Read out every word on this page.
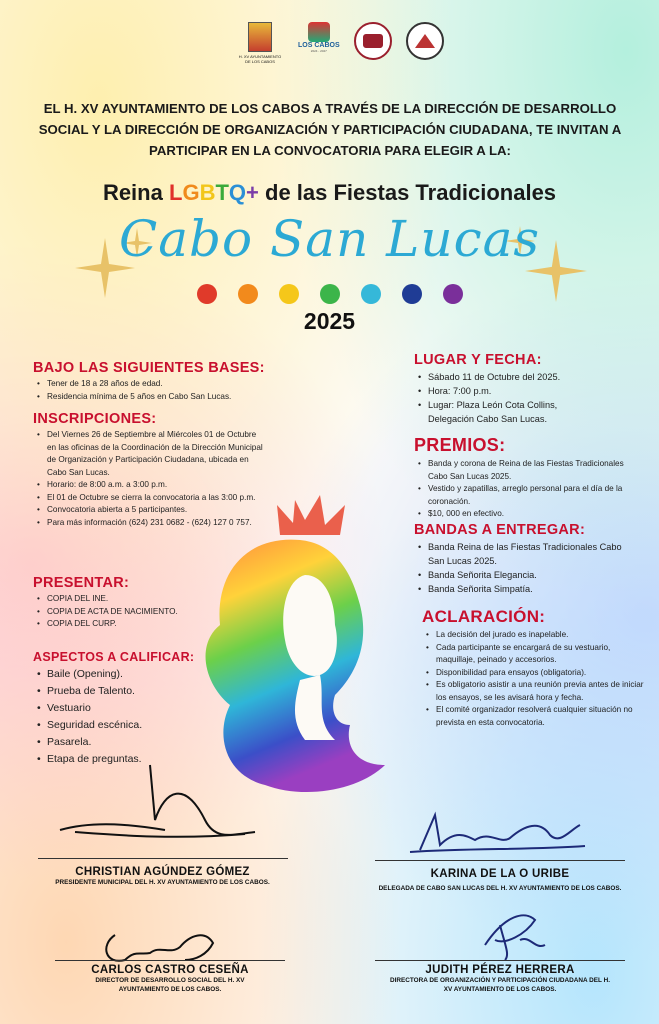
H. XV AYUNTAMIENTO DE LOS CABOS
LOS CABOS
2024 - 2027
EL H. XV AYUNTAMIENTO DE LOS CABOS A TRAVÉS DE LA DIRECCIÓN DE DESARROLLO SOCIAL Y LA DIRECCIÓN DE ORGANIZACIÓN Y PARTICIPACIÓN CIUDADANA, TE INVITAN A PARTICIPAR EN LA CONVOCATORIA PARA ELEGIR A LA:
Reina LGBTQ+ de las Fiestas Tradicionales
Cabo San Lucas
2025

BAJO LAS SIGUIENTES BASES:

• Tener de 18 a 28 años de edad.
• Residencia mínima de 5 años en Cabo San Lucas.

INSCRIPCIONES:

• Del Viernes 26 de Septiembre al Miércoles 01 de Octubre en las oficinas de la Coordinación de la Dirección Municipal de Organización y Participación Ciudadana, ubicada en Cabo San Lucas.
• Horario: de 8:00 a.m. a 3:00 p.m.
• El 01 de Octubre se cierra la convocatoria a las 3:00 p.m.
• Convocatoria abierta a 5 participantes.
• Para más información (624) 231 0682 - (624) 127 0 757.

PRESENTAR:

• COPIA DEL INE.
• COPIA DE ACTA DE NACIMIENTO.
• COPIA DEL CURP.

ASPECTOS A CALIFICAR:

• Baile (Opening).
• Prueba de Talento.
• Vestuario
• Seguridad escénica.
• Pasarela.
• Etapa de preguntas.

LUGAR Y FECHA:

• Sábado 11 de Octubre del 2025.
• Hora: 7:00 p.m.
• Lugar: Plaza León Cota Collins, Delegación Cabo San Lucas.

PREMIOS:

• Banda y corona de Reina de las Fiestas Tradicionales Cabo San Lucas 2025.
• Vestido y zapatillas, arreglo personal para el día de la coronación.
• $10, 000 en efectivo.

BANDAS A ENTREGAR:

• Banda Reina de las Fiestas Tradicionales Cabo San Lucas 2025.
• Banda Señorita Elegancia.
• Banda Señorita Simpatía.

ACLARACIÓN:

• La decisión del jurado es inapelable.
• Cada participante se encargará de su vestuario, maquillaje, peinado y accesorios.
• Disponibilidad para ensayos (obligatoria).
• Es obligatorio asistir a una reunión previa antes de iniciar los ensayos, se les avisará hora y fecha.
• El comité organizador resolverá cualquier situación no prevista en esta convocatoria.
CHRISTIAN AGÚNDEZ GÓMEZ
PRESIDENTE MUNICIPAL DEL H. XV AYUNTAMIENTO DE LOS CABOS.
KARINA DE LA O URIBE
DELEGADA DE CABO SAN LUCAS DEL H. XV AYUNTAMIENTO DE LOS CABOS.
CARLOS CASTRO CESEÑA
DIRECTOR DE DESARROLLO SOCIAL DEL H. XV AYUNTAMIENTO DE LOS CABOS.
JUDITH PÉREZ HERRERA
DIRECTORA DE ORGANIZACIÓN Y PARTICIPACIÓN CIUDADANA DEL H. XV AYUNTAMIENTO DE LOS CABOS.
